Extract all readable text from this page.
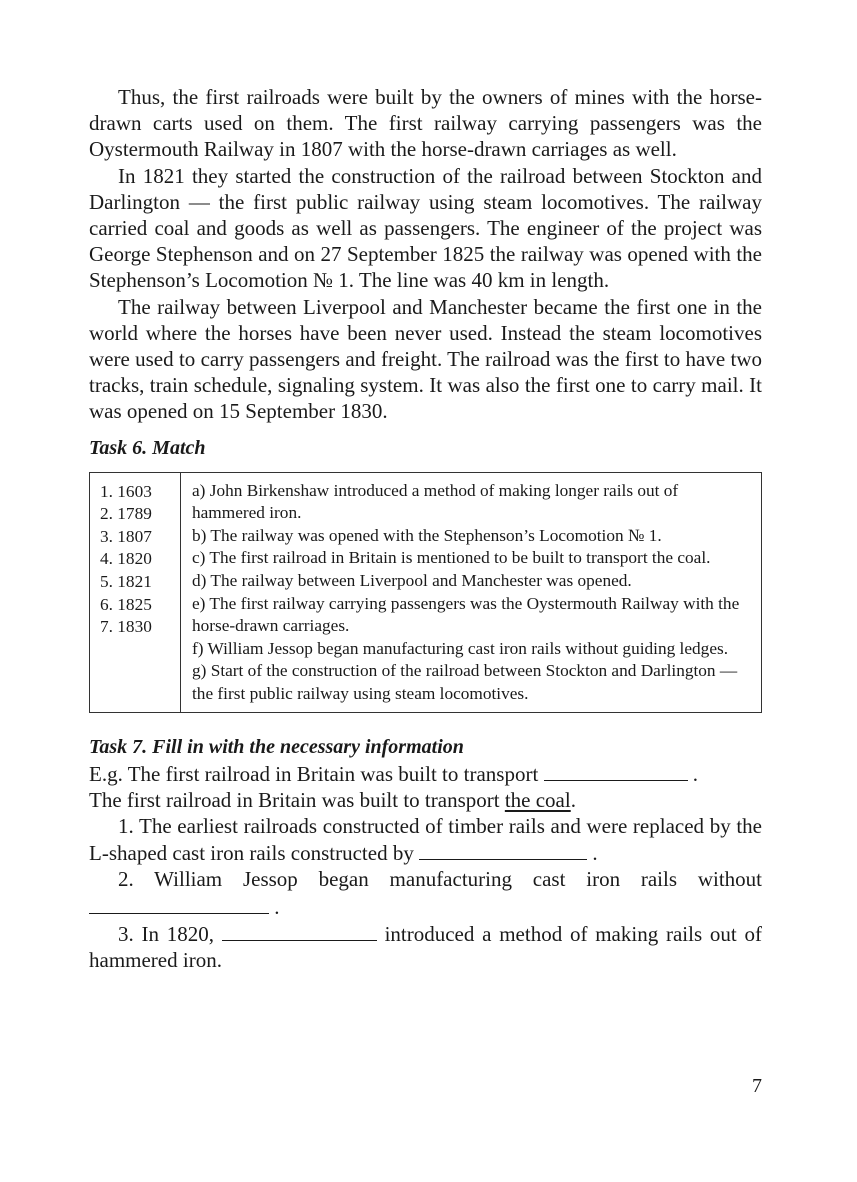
Thus, the first railroads were built by the owners of mines with the horse-drawn carts used on them. The first railway carrying passengers was the Oystermouth Railway in 1807 with the horse-drawn carriages as well.

In 1821 they started the construction of the railroad between Stockton and Darlington — the first public railway using steam locomotives. The railway carried coal and goods as well as passengers. The engineer of the project was George Stephenson and on 27 September 1825 the railway was opened with the Stephenson’s Locomotion № 1. The line was 40 km in length.

The railway between Liverpool and Manchester became the first one in the world where the horses have been never used. Instead the steam locomotives were used to carry passengers and freight. The railroad was the first to have two tracks, train schedule, signaling system. It was also the first one to carry mail. It was opened on 15 September 1830.

Task 6. Match

1. 1603
2. 1789
3. 1807
4. 1820
5. 1821
6. 1825
7. 1830
a) John Birkenshaw introduced a method of making longer rails out of hammered iron.
b) The railway was opened with the Stephenson’s Locomotion № 1.
c) The first railroad in Britain is mentioned to be built to transport the coal.
d) The railway between Liverpool and Manchester was opened.
e) The first railway carrying passengers was the Oystermouth Railway with the horse-drawn carriages.
f) William Jessop began manufacturing cast iron rails without guiding ledges.
g) Start of the construction of the railroad between Stockton and Darlington — the first public railway using steam locomotives.

Task 7. Fill in with the necessary information

E.g. The first railroad in Britain was built to transport	.

The first railroad in Britain was built to transport the coal.

1. The earliest railroads constructed of timber rails and were replaced by the L-shaped cast iron rails constructed by	.

2. William Jessop began manufacturing cast iron rails without  .

3. In 1820,	introduced a method of making rails out of hammered iron.

7
